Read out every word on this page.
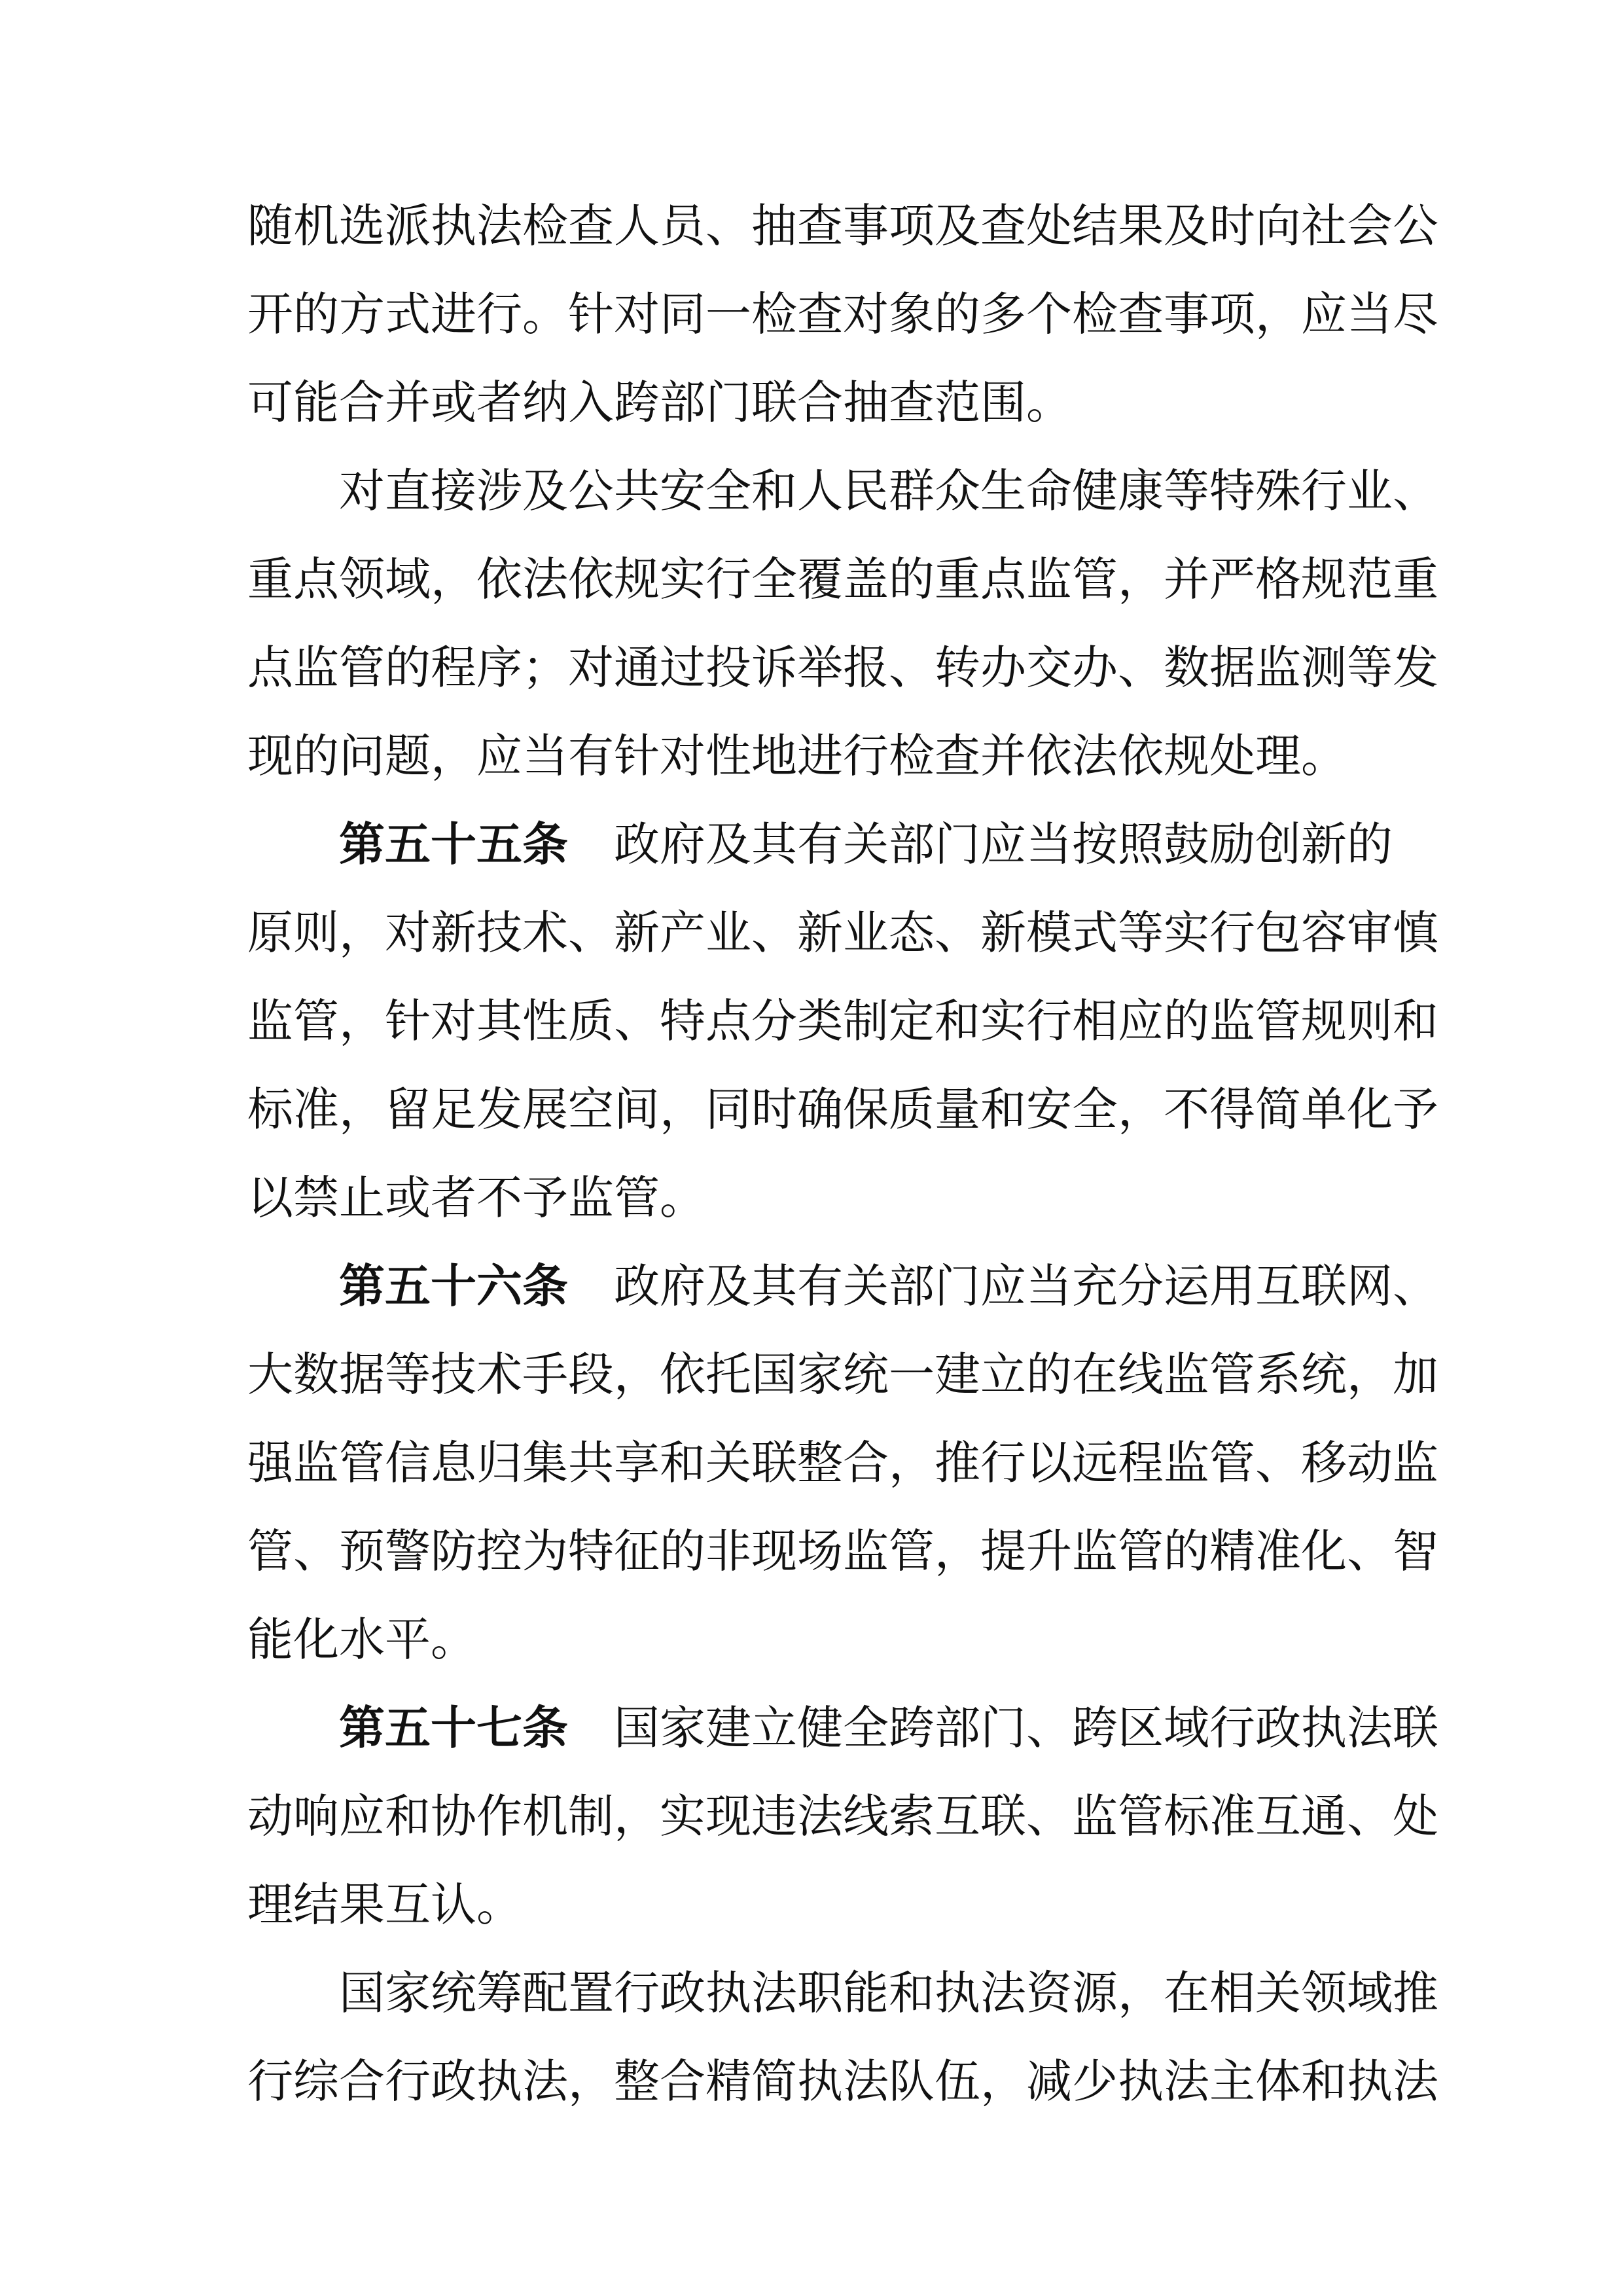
随机选派执法检查人员、抽查事项及查处结果及时向社会公
开的方式进行。针对同一检查对象的多个检查事项，应当尽
可能合并或者纳入跨部门联合抽查范围。
对直接涉及公共安全和人民群众生命健康等特殊行业、
重点领域，依法依规实行全覆盖的重点监管，并严格规范重
点监管的程序；对通过投诉举报、转办交办、数据监测等发
现的问题，应当有针对性地进行检查并依法依规处理。
第五十五条 政府及其有关部门应当按照鼓励创新的
原则，对新技术、新产业、新业态、新模式等实行包容审慎
监管，针对其性质、特点分类制定和实行相应的监管规则和
标准，留足发展空间，同时确保质量和安全，不得简单化予
以禁止或者不予监管。
第五十六条 政府及其有关部门应当充分运用互联网、
大数据等技术手段，依托国家统一建立的在线监管系统，加
强监管信息归集共享和关联整合，推行以远程监管、移动监
管、预警防控为特征的非现场监管，提升监管的精准化、智
能化水平。
第五十七条 国家建立健全跨部门、跨区域行政执法联
动响应和协作机制，实现违法线索互联、监管标准互通、处
理结果互认。
国家统筹配置行政执法职能和执法资源，在相关领域推
行综合行政执法，整合精简执法队伍，减少执法主体和执法
